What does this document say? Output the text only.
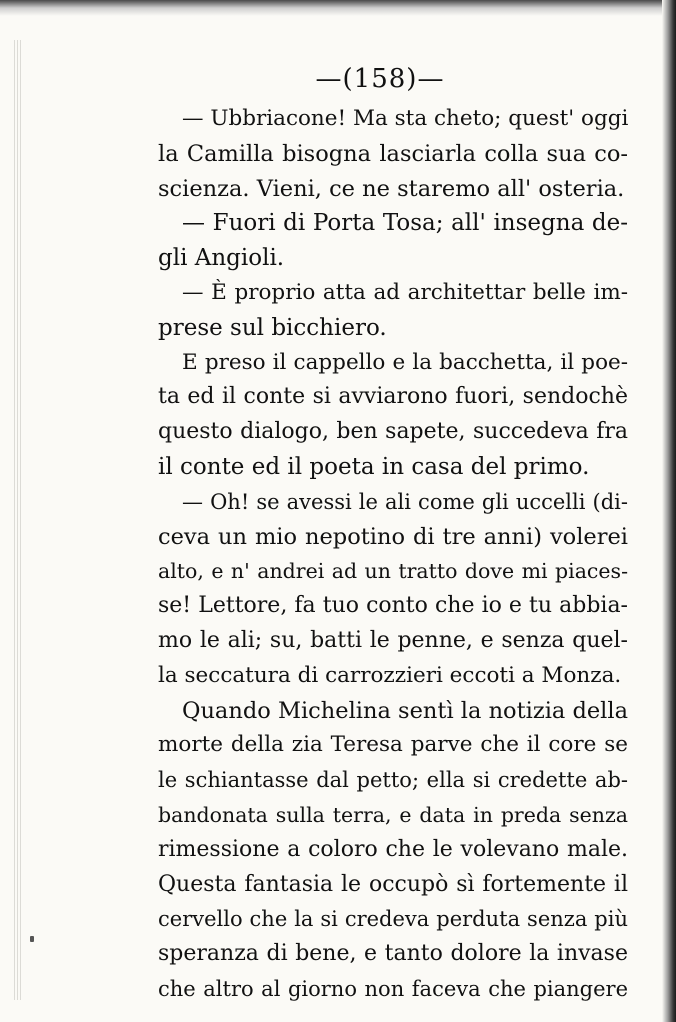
—(158)—
— Ubbriacone! Ma sta cheto; quest' oggi
la Camilla bisogna lasciarla colla sua co-
scienza. Vieni, ce ne staremo all' osteria.
— Fuori di Porta Tosa; all' insegna de-
gli Angioli.
— È proprio atta ad architettar belle im-
prese sul bicchiero.
E preso il cappello e la bacchetta, il poe-
ta ed il conte si avviarono fuori, sendochè
questo dialogo, ben sapete, succedeva fra
il conte ed il poeta in casa del primo.
— Oh! se avessi le ali come gli uccelli (di-
ceva un mio nepotino di tre anni) volerei
alto, e n' andrei ad un tratto dove mi piaces-
se! Lettore, fa tuo conto che io e tu abbia-
mo le ali; su, batti le penne, e senza quel-
la seccatura di carrozzieri eccoti a Monza.
Quando Michelina sentì la notizia della
morte della zia Teresa parve che il core se
le schiantasse dal petto; ella si credette ab-
bandonata sulla terra, e data in preda senza
rimessione a coloro che le volevano male.
Questa fantasia le occupò sì fortemente il
cervello che la si credeva perduta senza più
speranza di bene, e tanto dolore la invase
che altro al giorno non faceva che piangere
